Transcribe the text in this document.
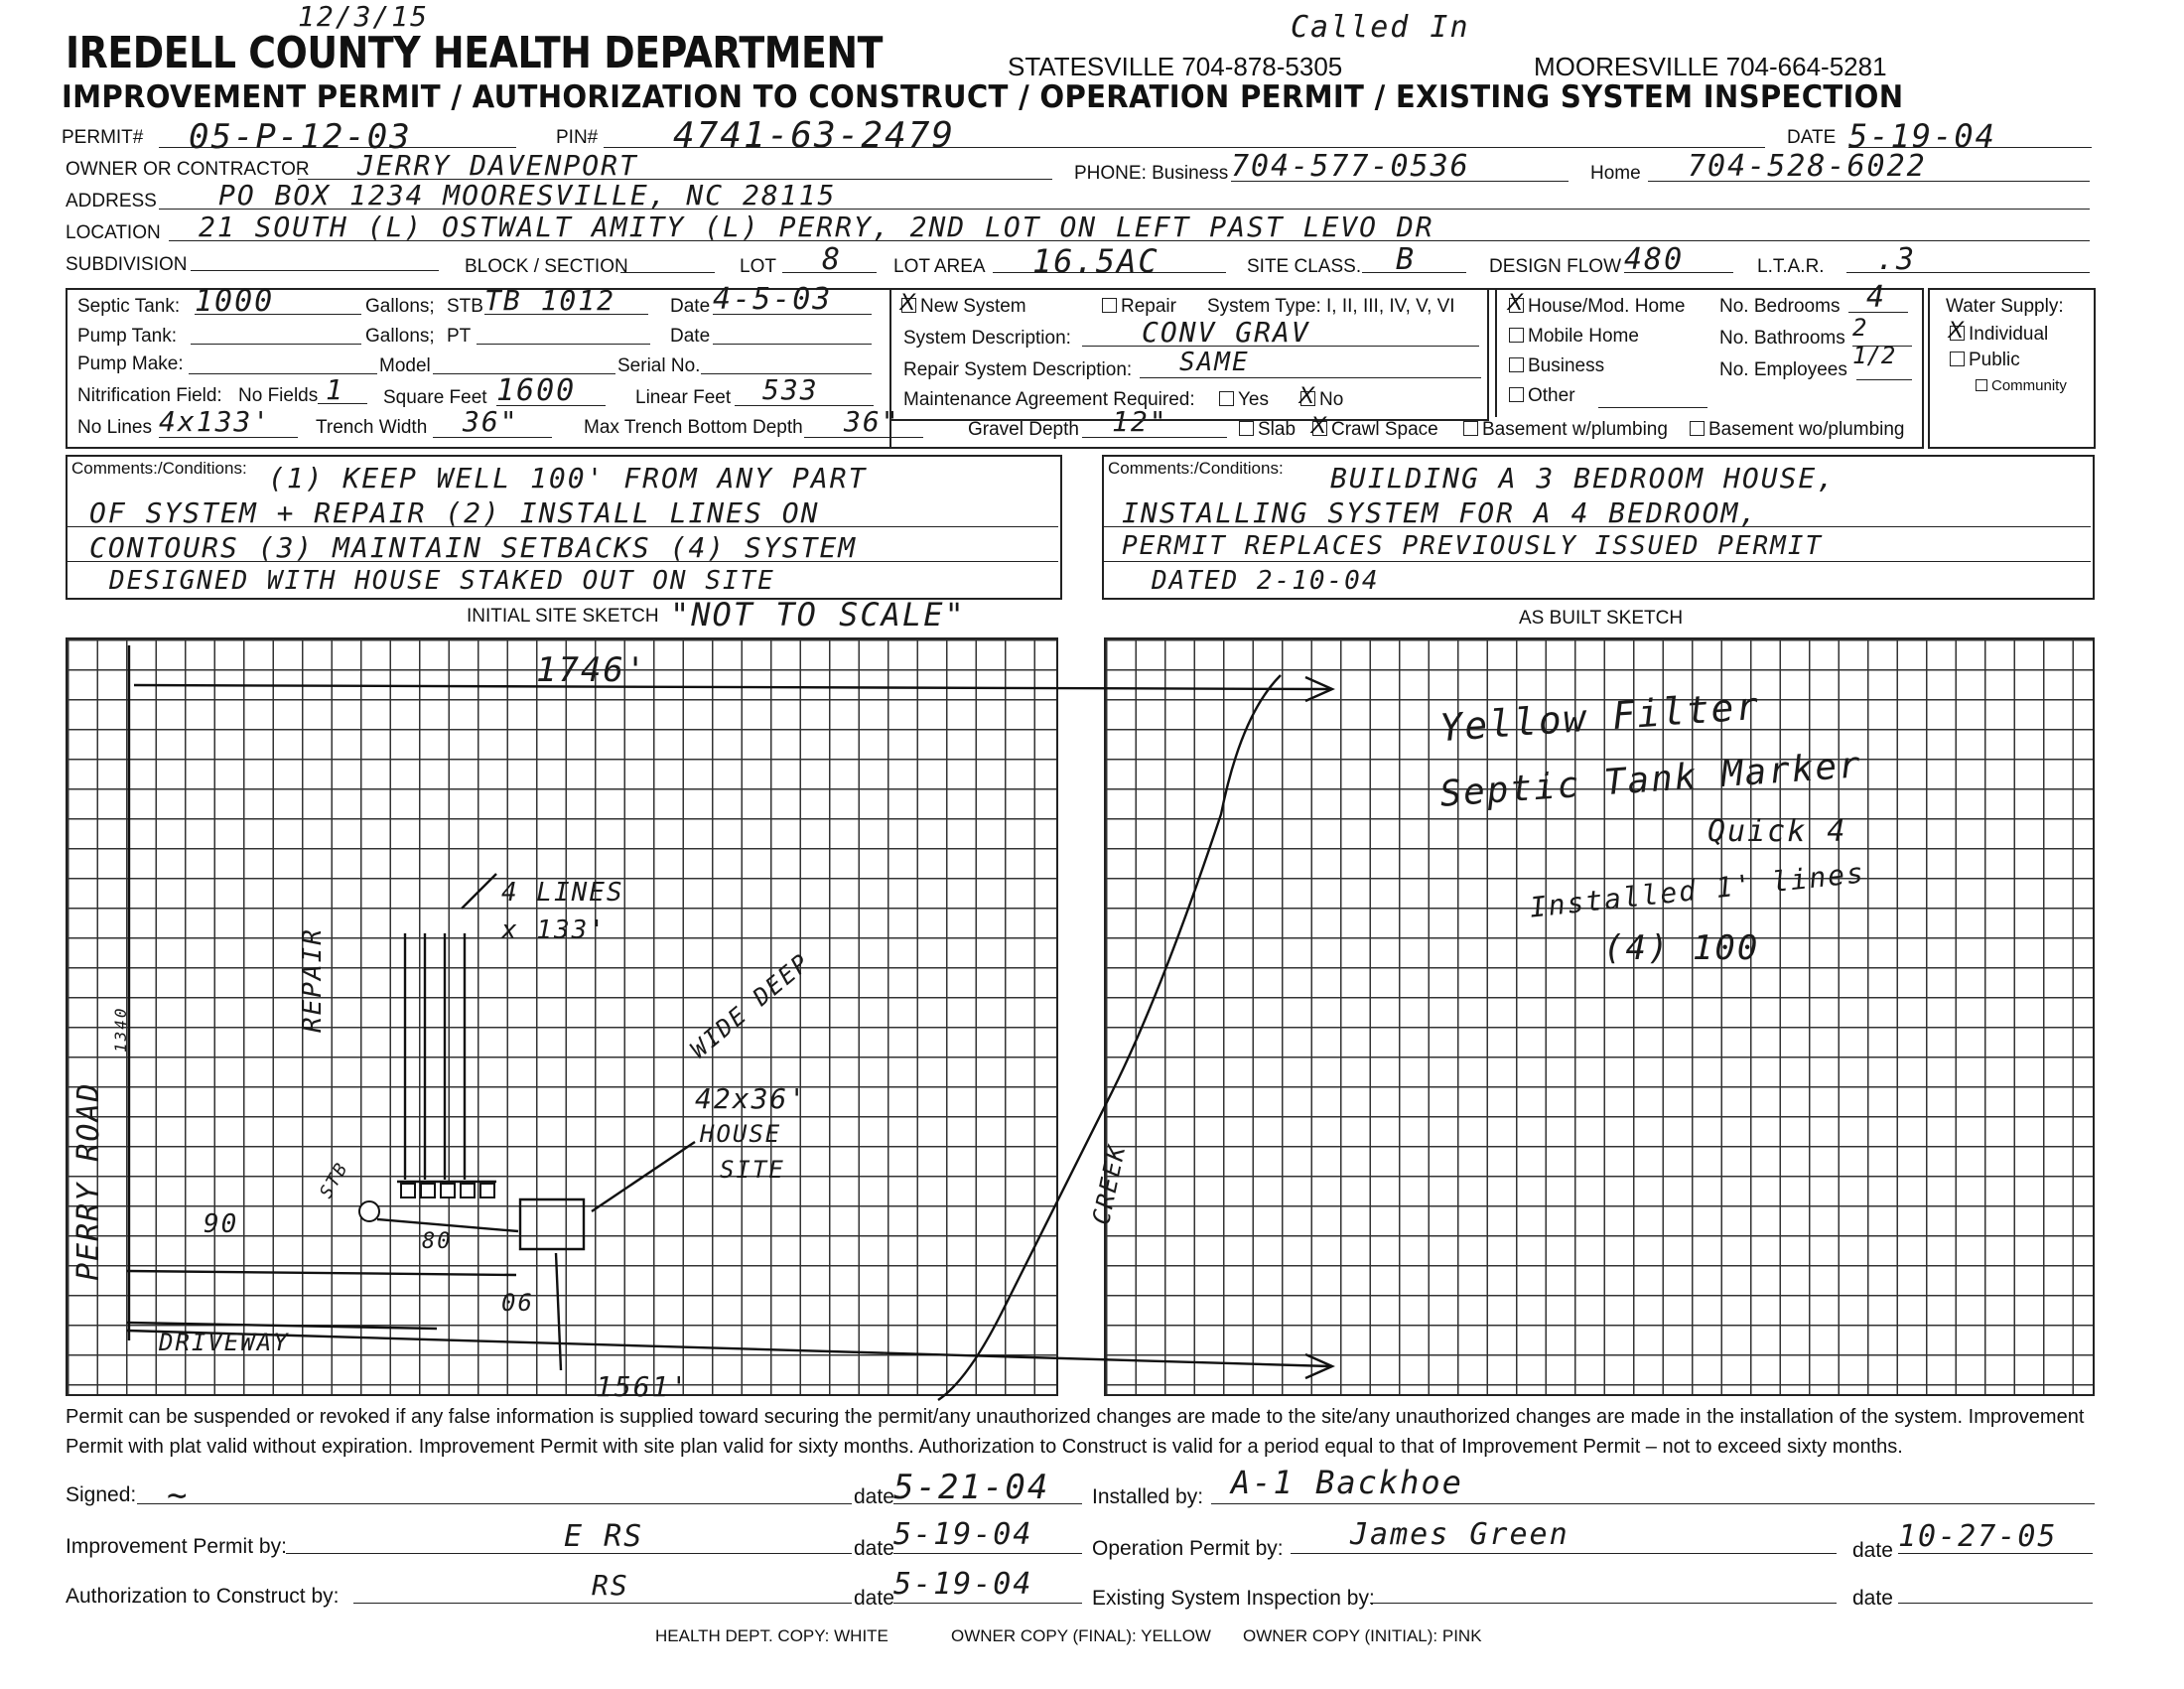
IREDELL COUNTY HEALTH DEPARTMENT
12/3/15
STATESVILLE 704-878-5305
Called In
MOORESVILLE 704-664-5281
IMPROVEMENT PERMIT / AUTHORIZATION TO CONSTRUCT / OPERATION PERMIT / EXISTING SYSTEM INSPECTION
PERMIT#	05-P-12-03	PIN#	4741-63-2479	DATE 5-19-04
OWNER OR CONTRACTOR	JERRY DAVENPORT	PHONE: Business 704-577-0536	Home	704-528-6022
ADDRESS	PO BOX 1234 MOORESVILLE, NC 28115
LOCATION	21 SOUTH (L) OSTWALT AMITY (L) PERRY, 2ND LOT ON LEFT PAST LEVO DR
SUBDIVISION	BLOCK / SECTION	LOT	8	LOT AREA	16.5AC	SITE CLASS.	B	DESIGN FLOW 480	L.T.A.R.	.3
Septic Tank: 1000	Gallons; STB TB 1012	Date 4-5-03
Pump Tank:	Gallons; PT	Date
Pump Make:	Model	Serial No.
Nitrification Field: No Fields 1	Square Feet 1600	Linear Feet	533
No Lines 4x133'	Trench Width	36"	Max Trench Bottom Depth	36"	Gravel Depth	12"
X New System	Repair System Type: I, II, III, IV, V, VI
System Description:	CONV GRAV
Repair System Description:	SAME
Maintenance Agreement Required:	Yes X No
X House/Mod. Home
Mobile Home
Business
Other
No. Bedrooms 4
No. Bathrooms 2 1/2
No. Employees
Water Supply:
X Individual
Public
Community
Slab X Crawl Space	Basement w/plumbing	Basement wo/plumbing
Comments:/Conditions: (1) KEEP WELL 100' FROM ANY PART
OF SYSTEM + REPAIR (2) INSTALL LINES ON
CONTOURS (3) MAINTAIN SETBACKS (4) SYSTEM
DESIGNED WITH HOUSE STAKED OUT ON SITE
Comments:/Conditions: BUILDING A 3 BEDROOM HOUSE,
INSTALLING SYSTEM FOR A 4 BEDROOM,
PERMIT REPLACES PREVIOUSLY ISSUED PERMIT
DATED 2-10-04
INITIAL SITE SKETCH "NOT TO SCALE"	AS BUILT SKETCH
1746'
4 LINES x 133'
REPAIR
PERRY ROAD
1340	WIDE DEEP
42x36'
HOUSE
SITE
STB
90
80
06
DRIVEWAY
1561'
CREEK
Yellow Filter
Septic Tank Marker
Quick 4
Installed 1' lines
(4) 100
Permit can be suspended or revoked if any false information is supplied toward securing the permit/any unauthorized changes are made to the site/any unauthorized changes are made in the installation of the system. Improvement Permit with plat valid without expiration. Improvement Permit with site plan valid for sixty months. Authorization to Construct is valid for a period equal to that of Improvement Permit – not to exceed sixty months.
Signed: ~	date 5-21-04
Improvement Permit by:	E RS	date 5-19-04
Authorization to Construct by:	RS	date 5-19-04
Installed by: A-1 Backhoe
Operation Permit by:	James Green	date 10-27-05
Existing System Inspection by:	date
HEALTH DEPT. COPY: WHITE	OWNER COPY (FINAL): YELLOW OWNER COPY (INITIAL): PINK
